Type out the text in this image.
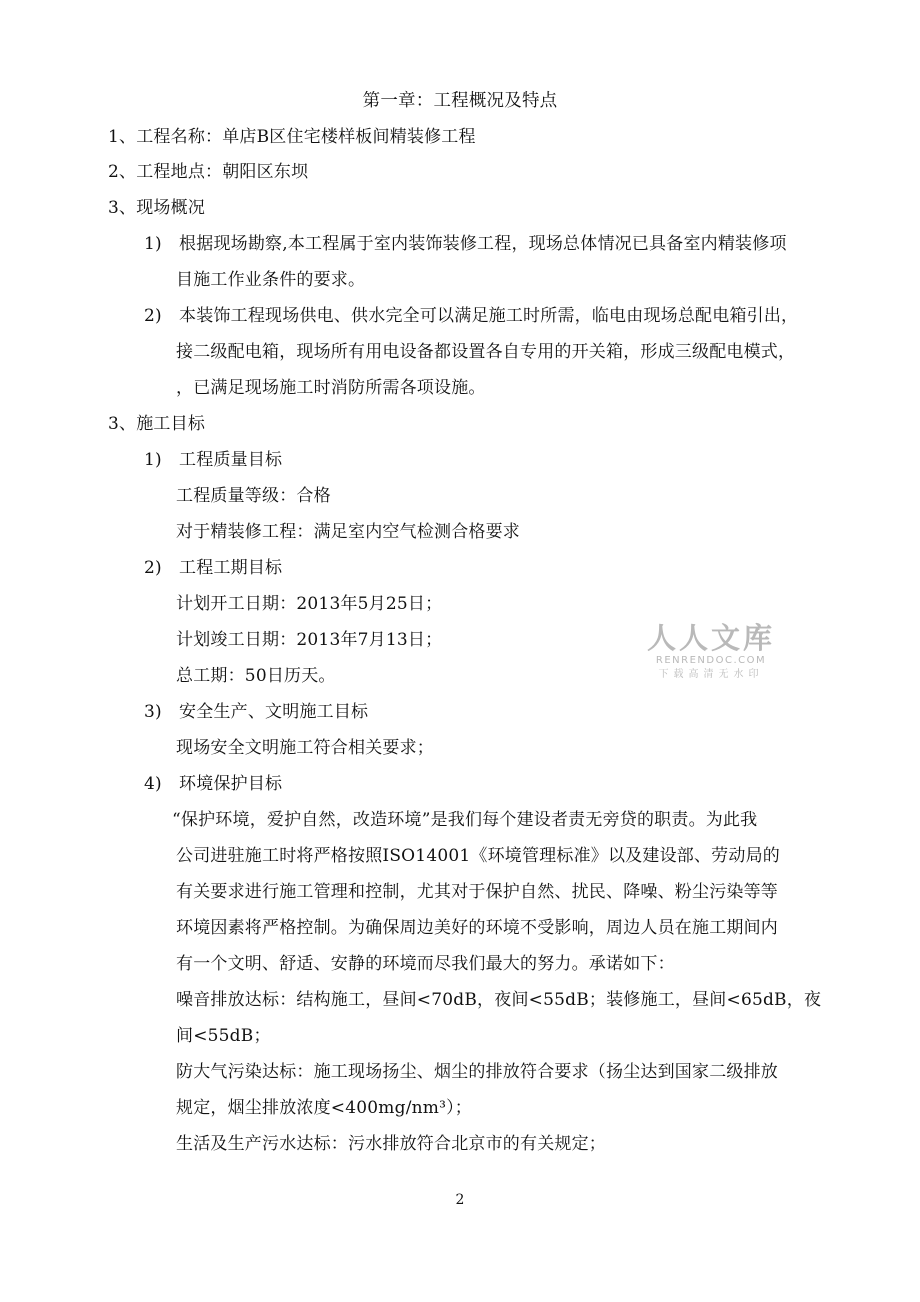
第一章：工程概况及特点
1、工程名称：单店B区住宅楼样板间精装修工程
2、工程地点：朝阳区东坝
3、现场概况
1)　根据现场勘察,本工程属于室内装饰装修工程，现场总体情况已具备室内精装修项
目施工作业条件的要求。
2)　本装饰工程现场供电、供水完全可以满足施工时所需，临电由现场总配电箱引出，
接二级配电箱，现场所有用电设备都设置各自专用的开关箱，形成三级配电模式，
，已满足现场施工时消防所需各项设施。
3、施工目标
1)　工程质量目标
工程质量等级：合格
对于精装修工程：满足室内空气检测合格要求
2)　工程工期目标
计划开工日期：2013年5月25日；
计划竣工日期：2013年7月13日；
总工期：50日历天。
3)　安全生产、文明施工目标
现场安全文明施工符合相关要求；
4)　环境保护目标
“保护环境，爱护自然，改造环境”是我们每个建设者责无旁贷的职责。为此我
公司进驻施工时将严格按照ISO14001《环境管理标准》以及建设部、劳动局的
有关要求进行施工管理和控制，尤其对于保护自然、扰民、降噪、粉尘污染等等
环境因素将严格控制。为确保周边美好的环境不受影响，周边人员在施工期间内
有一个文明、舒适、安静的环境而尽我们最大的努力。承诺如下：
噪音排放达标：结构施工，昼间<70dB，夜间<55dB；装修施工，昼间<65dB，夜
间<55dB；
防大气污染达标：施工现场扬尘、烟尘的排放符合要求（扬尘达到国家二级排放
规定，烟尘排放浓度<400mg/nm³）；
生活及生产污水达标：污水排放符合北京市的有关规定；
2
人人文库
RENRENDOC.COM
下载高清无水印
